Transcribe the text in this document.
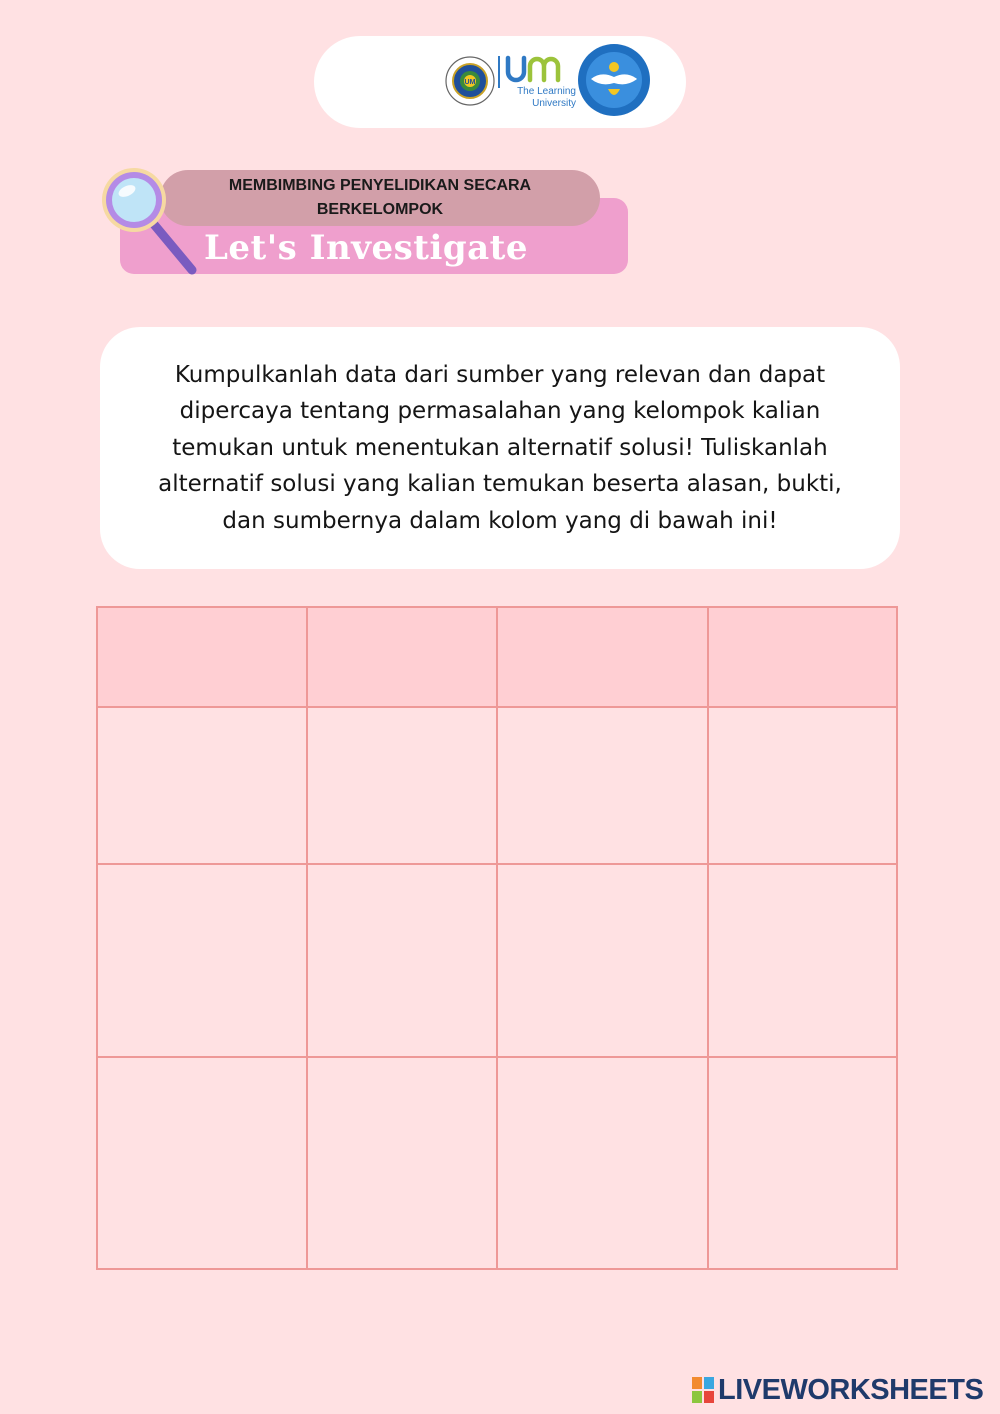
UM
The Learning
University
MEMBIMBING PENYELIDIKAN SECARA BERKELOMPOK
Let's Investigate

Kumpulkanlah data dari sumber yang relevan dan dapat dipercaya tentang permasalahan yang kelompok kalian temukan untuk menentukan alternatif solusi! Tuliskanlah alternatif solusi yang kalian temukan beserta alasan, bukti, dan sumbernya dalam kolom yang di bawah ini!

LIVEWORKSHEETS
